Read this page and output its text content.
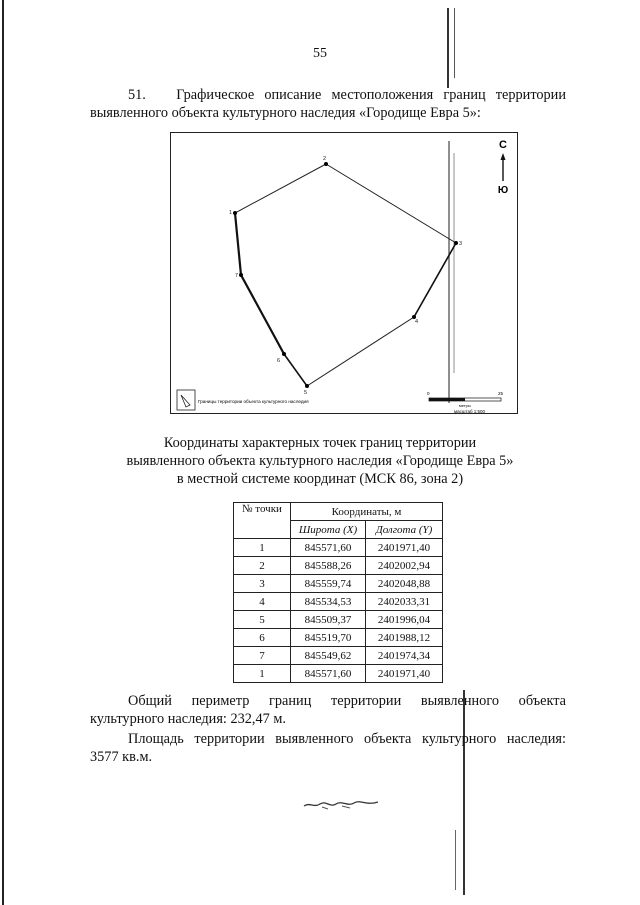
55
51. Графическое описание местоположения границ территории
выявленного объекта культурного наследия «Городище Евра 5»:
2
3
4
5
6
7
1
С
Ю
Границы территории объекта культурного наследия
0	25
метры
масштаб 1:500
Координаты характерных точек границ территории
выявленного объекта культурного наследия «Городище Евра 5»
в местной системе координат (МСК 86, зона 2)
№ точки	Координаты, м	
	Широта (X)	Долгота (Y)
1	845571,60	2401971,40
2	845588,26	2402002,94
3	845559,74	2402048,88
4	845534,53	2402033,31
5	845509,37	2401996,04
6	845519,70	2401988,12
7	845549,62	2401974,34
1	845571,60	2401971,40
Общий периметр границ территории выявленного объекта
культурного наследия: 232,47 м.
Площадь территории выявленного объекта культурного наследия:
3577 кв.м.
